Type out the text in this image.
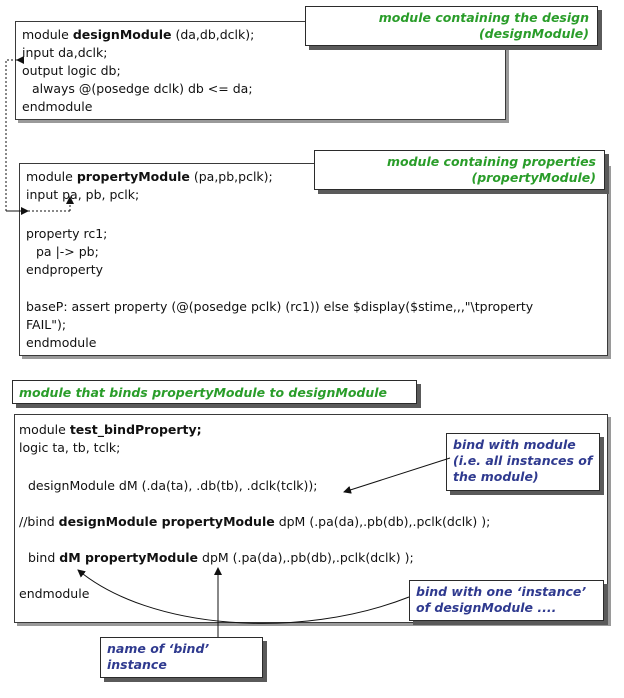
module designModule (da,db,dclk);
input da,dclk;
output logic db;
always @(posedge dclk) db <= da;
endmodule
module containing the design
(designModule)
module propertyModule (pa,pb,pclk);
input pa, pb, pclk;
property rc1;
pa |-> pb;
endproperty
baseP: assert property (@(posedge pclk) (rc1)) else $display($stime,,,"\tproperty
FAIL");
endmodule
module containing properties
(propertyModule)
module that binds propertyModule to designModule
module test_bindProperty;
logic ta, tb, tclk;
designModule dM (.da(ta), .db(tb), .dclk(tclk));
//bind designModule propertyModule dpM (.pa(da),.pb(db),.pclk(dclk) );
bind dM propertyModule dpM (.pa(da),.pb(db),.pclk(dclk) );
endmodule
bind with module
(i.e. all instances of
the module)
bind with one ‘instance’
of designModule ....
name of ‘bind’
instance
